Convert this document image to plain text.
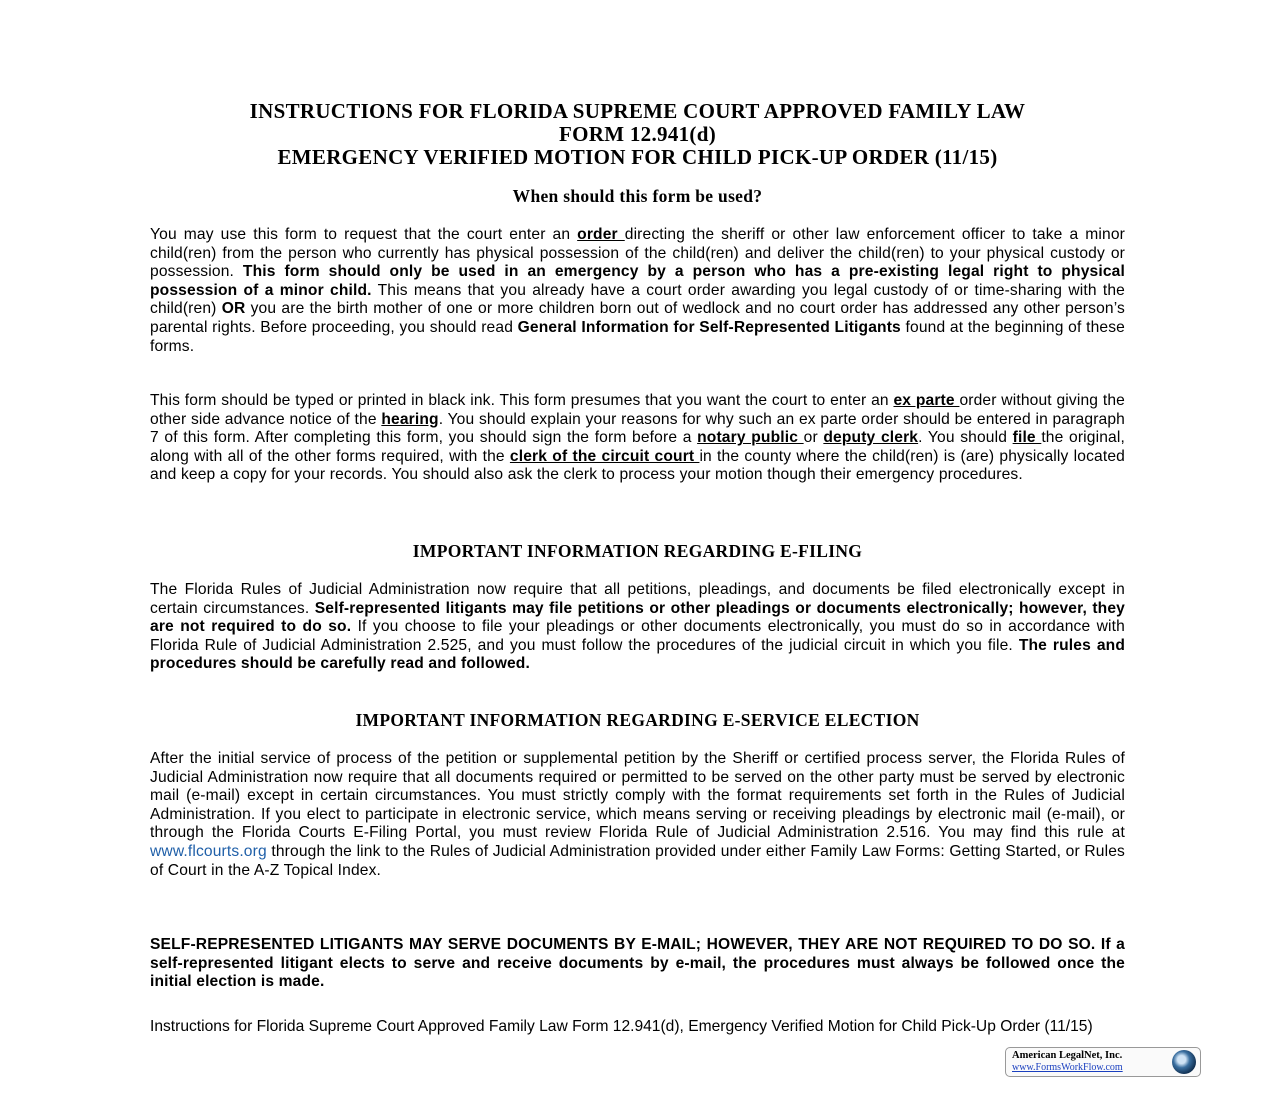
INSTRUCTIONS FOR FLORIDA SUPREME COURT APPROVED FAMILY LAW
FORM 12.941(d)
EMERGENCY VERIFIED MOTION FOR CHILD PICK-UP ORDER (11/15)
When should this form be used?
You may use this form to request that the court enter an order directing the sheriff or other law enforcement officer to take a minor child(ren) from the person who currently has physical possession of the child(ren) and deliver the child(ren) to your physical custody or possession. This form should only be used in an emergency by a person who has a pre-existing legal right to physical possession of a minor child. This means that you already have a court order awarding you legal custody of or time-sharing with the child(ren) OR you are the birth mother of one or more children born out of wedlock and no court order has addressed any other person’s parental rights. Before proceeding, you should read General Information for Self-Represented Litigants found at the beginning of these forms.
This form should be typed or printed in black ink. This form presumes that you want the court to enter an ex parte order without giving the other side advance notice of the hearing. You should explain your reasons for why such an ex parte order should be entered in paragraph 7 of this form. After completing this form, you should sign the form before a notary public or deputy clerk. You should file the original, along with all of the other forms required, with the clerk of the circuit court in the county where the child(ren) is (are) physically located and keep a copy for your records. You should also ask the clerk to process your motion though their emergency procedures.
IMPORTANT INFORMATION REGARDING E-FILING
The Florida Rules of Judicial Administration now require that all petitions, pleadings, and documents be filed electronically except in certain circumstances. Self-represented litigants may file petitions or other pleadings or documents electronically; however, they are not required to do so. If you choose to file your pleadings or other documents electronically, you must do so in accordance with Florida Rule of Judicial Administration 2.525, and you must follow the procedures of the judicial circuit in which you file. The rules and procedures should be carefully read and followed.
IMPORTANT INFORMATION REGARDING E-SERVICE ELECTION
After the initial service of process of the petition or supplemental petition by the Sheriff or certified process server, the Florida Rules of Judicial Administration now require that all documents required or permitted to be served on the other party must be served by electronic mail (e-mail) except in certain circumstances. You must strictly comply with the format requirements set forth in the Rules of Judicial Administration. If you elect to participate in electronic service, which means serving or receiving pleadings by electronic mail (e-mail), or through the Florida Courts E-Filing Portal, you must review Florida Rule of Judicial Administration 2.516. You may find this rule at www.flcourts.org through the link to the Rules of Judicial Administration provided under either Family Law Forms: Getting Started, or Rules of Court in the A-Z Topical Index.
SELF-REPRESENTED LITIGANTS MAY SERVE DOCUMENTS BY E-MAIL; HOWEVER, THEY ARE NOT REQUIRED TO DO SO. If a self-represented litigant elects to serve and receive documents by e-mail, the procedures must always be followed once the initial election is made.
Instructions for Florida Supreme Court Approved Family Law Form 12.941(d), Emergency Verified Motion for Child Pick-Up Order (11/15)
American LegalNet, Inc.
www.FormsWorkFlow.com
